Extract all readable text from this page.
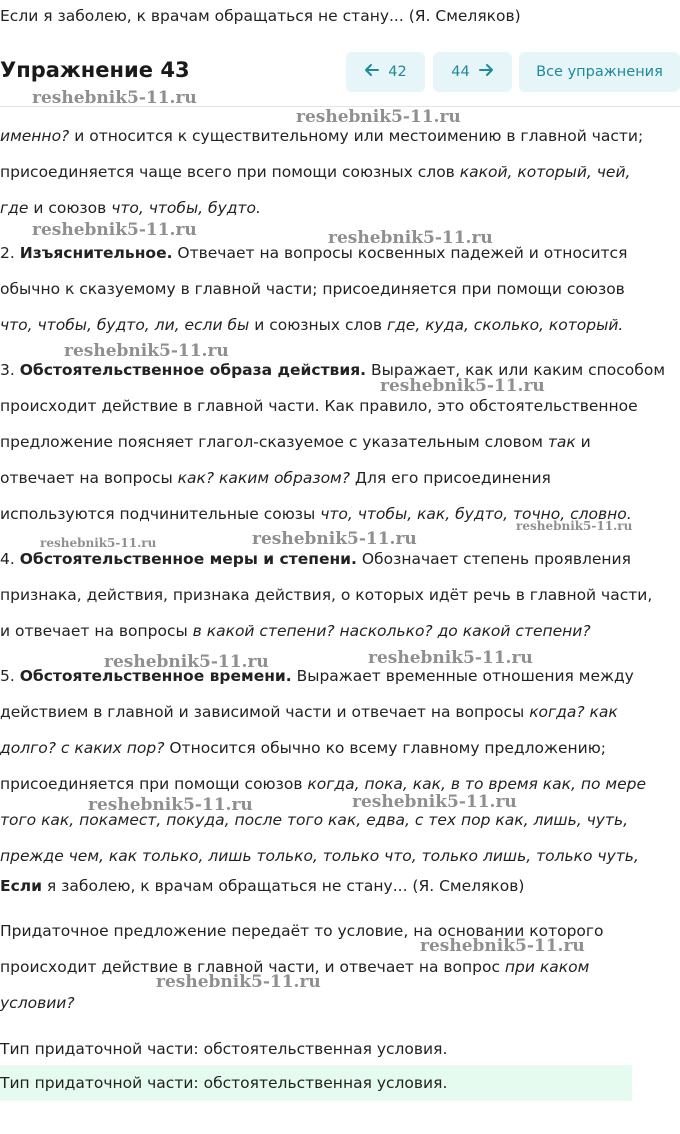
Если я заболею, к врачам обращаться не стану... (Я. Смеляков)
Упражнение 43	42	44	Все упражнения
именно? и относится к существительному или местоимению в главной части;
присоединяется чаще всего при помощи союзных слов какой, который, чей,
где и союзов что, чтобы, будто.
2. Изъяснительное. Отвечает на вопросы косвенных падежей и относится
обычно к сказуемому в главной части; присоединяется при помощи союзов
что, чтобы, будто, ли, если бы и союзных слов где, куда, сколько, который.
3. Обстоятельственное образа действия. Выражает, как или каким способом
происходит действие в главной части. Как правило, это обстоятельственное
предложение поясняет глагол-сказуемое с указательным словом так и
отвечает на вопросы как? каким образом? Для его присоединения
используются подчинительные союзы что, чтобы, как, будто, точно, словно.
4. Обстоятельственное меры и степени. Обозначает степень проявления
признака, действия, признака действия, о которых идёт речь в главной части,
и отвечает на вопросы в какой степени? насколько? до какой степени?
5. Обстоятельственное времени. Выражает временные отношения между
действием в главной и зависимой части и отвечает на вопросы когда? как
долго? с каких пор? Относится обычно ко всему главному предложению;
присоединяется при помощи союзов когда, пока, как, в то время как, по мере
того как, покамест, покуда, после того как, едва, с тех пор как, лишь, чуть,
прежде чем, как только, лишь только, только что, только лишь, только чуть,
Если я заболею, к врачам обращаться не стану... (Я. Смеляков)
Придаточное предложение передаёт то условие, на основании которого
происходит действие в главной части, и отвечает на вопрос при каком
условии?
Тип придаточной части: обстоятельственная условия.
Тип придаточной части: обстоятельственная условия.
reshebnik5-11.ru
reshebnik5-11.ru
reshebnik5-11.ru	reshebnik5-11.ru
reshebnik5-11.ru
reshebnik5-11.ru
reshebnik5-11.ru
reshebnik5-11.ru	reshebnik5-11.ru
reshebnik5-11.ru	reshebnik5-11.ru
reshebnik5-11.ru	reshebnik5-11.ru
reshebnik5-11.ru
reshebnik5-11.ru
